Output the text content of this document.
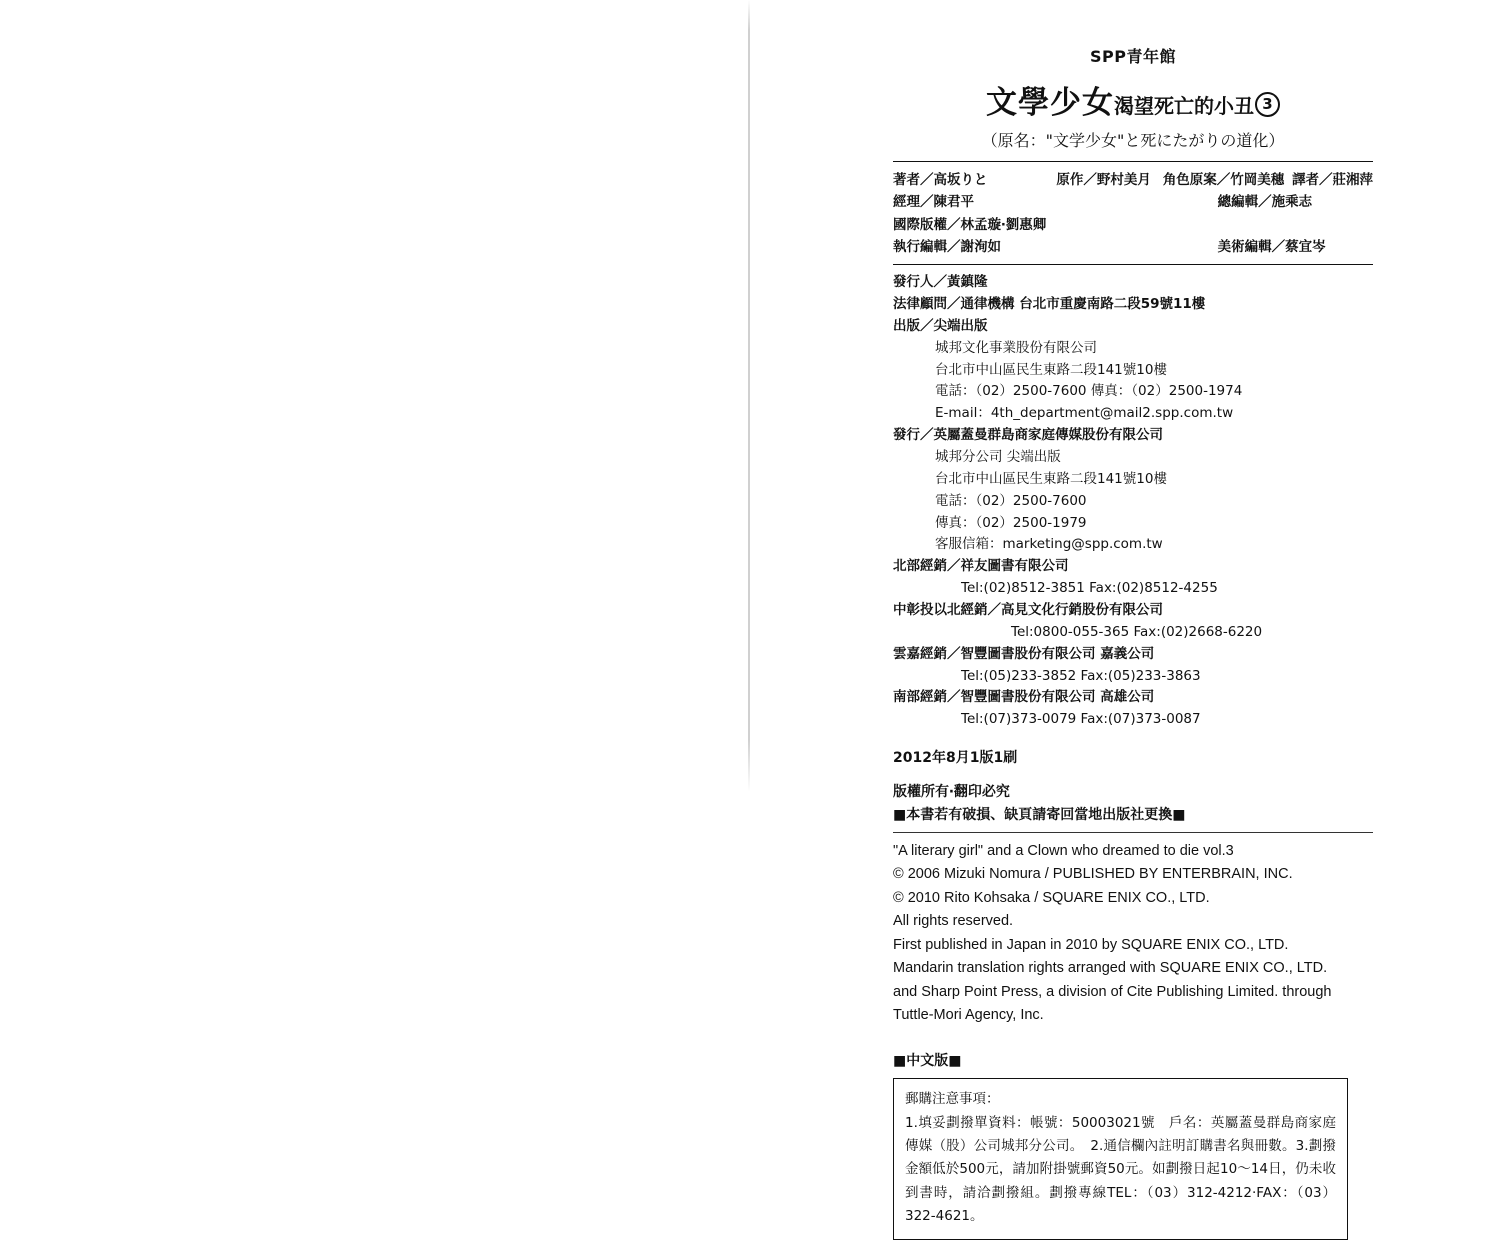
SPP青年館
文學少女渴望死亡的小丑 3
（原名："文学少女"と死にたがりの道化）
著者／高坂りと	原作／野村美月 角色原案／竹岡美穗 譯者／莊湘萍
經理／陳君平	總編輯／施乘志
國際版權／林孟璇‧劉惠卿
執行編輯／謝洵如	美術編輯／蔡宜岑
發行人／黃鎮隆
法律顧問／通律機構 台北市重慶南路二段59號11樓
出版／尖端出版
城邦文化事業股份有限公司
台北市中山區民生東路二段141號10樓
電話：（02）2500-7600 傳真：（02）2500-1974
E-mail：4th_department@mail2.spp.com.tw
發行／英屬蓋曼群島商家庭傳媒股份有限公司
城邦分公司 尖端出版
台北市中山區民生東路二段141號10樓
電話：（02）2500-7600
傳真：（02）2500-1979
客服信箱：marketing@spp.com.tw
北部經銷／祥友圖書有限公司
Tel:(02)8512-3851 Fax:(02)8512-4255
中彰投以北經銷／高見文化行銷股份有限公司
Tel:0800-055-365 Fax:(02)2668-6220
雲嘉經銷／智豐圖書股份有限公司 嘉義公司
Tel:(05)233-3852 Fax:(05)233-3863
南部經銷／智豐圖書股份有限公司 高雄公司
Tel:(07)373-0079 Fax:(07)373-0087
2012年8月1版1刷
版權所有‧翻印必究
■本書若有破損、缺頁請寄回當地出版社更換■
"A literary girl" and a Clown who dreamed to die vol.3
© 2006 Mizuki Nomura / PUBLISHED BY ENTERBRAIN, INC.
© 2010 Rito Kohsaka / SQUARE ENIX CO., LTD.
All rights reserved.
First published in Japan in 2010 by SQUARE ENIX CO., LTD.
Mandarin translation rights arranged with SQUARE ENIX CO., LTD.
and Sharp Point Press, a division of Cite Publishing Limited. through
Tuttle-Mori Agency, Inc.
■中文版■
郵購注意事項：
1.填妥劃撥單資料：帳號：50003021號　戶名：英屬蓋曼群島商家庭傳媒（股）公司城邦分公司。　2.通信欄內註明訂購書名與冊數。3.劃撥金額低於500元，請加附掛號郵資50元。如劃撥日起10～14日，仍未收到書時，請洽劃撥組。劃撥專線TEL：（03）312-4212‧FAX：（03）322-4621。
